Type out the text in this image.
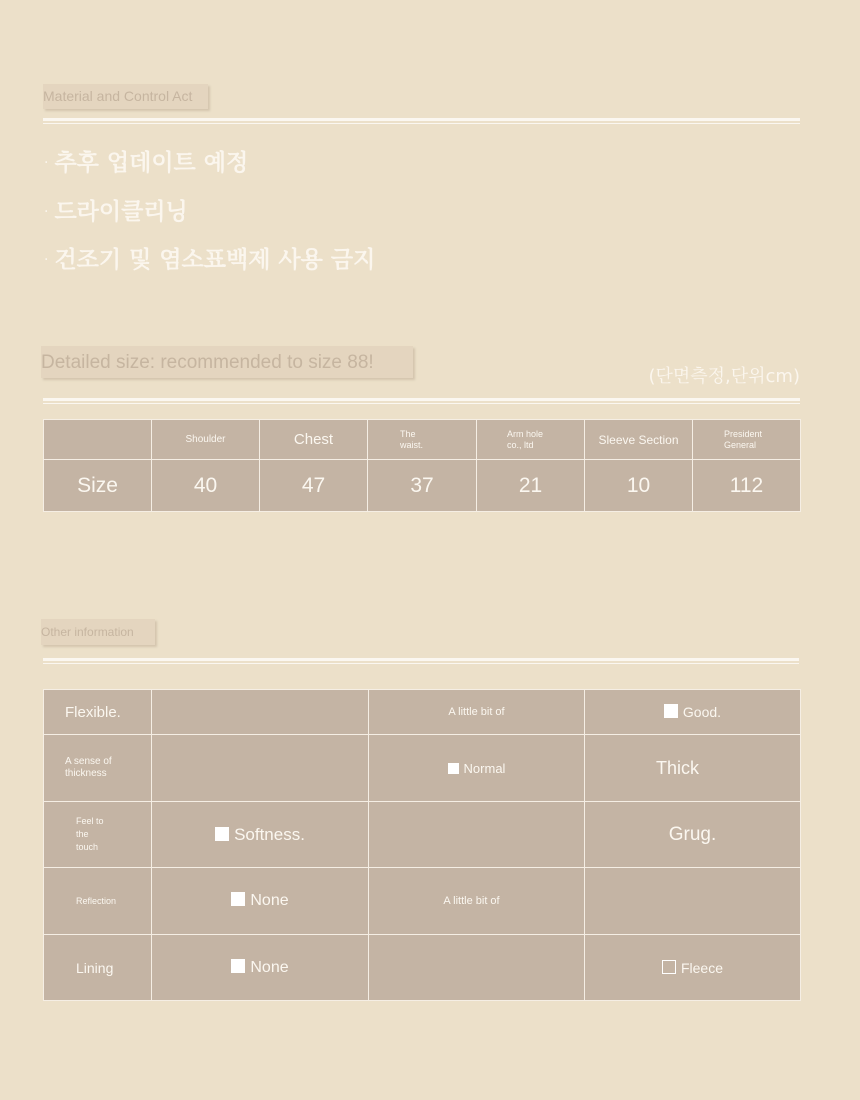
Material and Control Act
· 추후 업데이트 예정
· 드라이클리닝
· 건조기 및 염소표백제 사용 금지
Detailed size: recommended to size 88!
(단면측정,단위cm)
	Shoulder	Chest	The waist.	Arm hole co., ltd	Sleeve Section	President General
Size	40	47	37	21	10	112
Other information
Flexible.		A little bit of	Good.
A sense of thickness		Normal	Thick
Feel to the touch	Softness.		Grug.
Reflection	None	A little bit of	
Lining	None		Fleece
